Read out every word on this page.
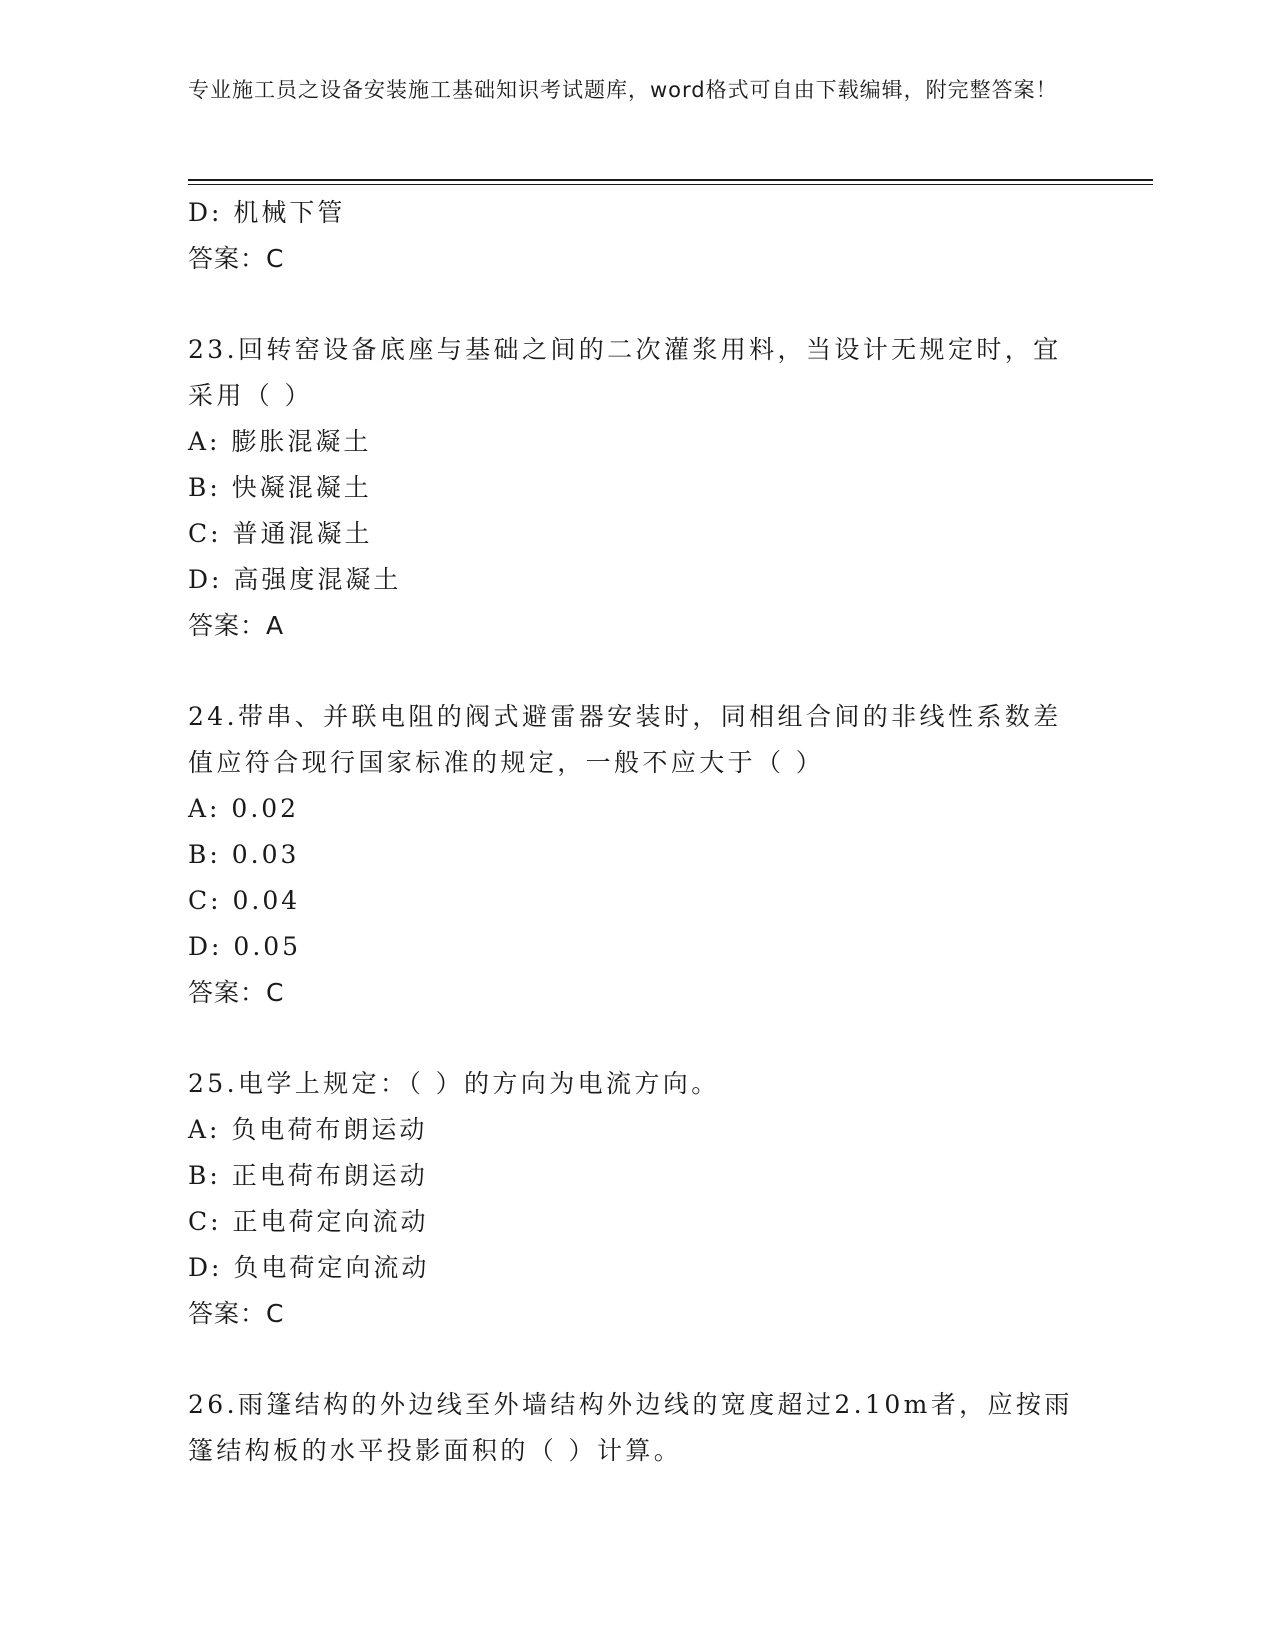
专业施工员之设备安装施工基础知识考试题库，word格式可自由下载编辑，附完整答案！
D: 机械下管
答案：C
23.回转窑设备底座与基础之间的二次灌浆用料，当设计无规定时，宜采用（ ）
A: 膨胀混凝土
B: 快凝混凝土
C: 普通混凝土
D: 高强度混凝土
答案：A
24.带串、并联电阻的阀式避雷器安装时，同相组合间的非线性系数差值应符合现行国家标准的规定，一般不应大于（ ）
A: 0.02
B: 0.03
C: 0.04
D: 0.05
答案：C
25.电学上规定：（ ）的方向为电流方向。
A: 负电荷布朗运动
B: 正电荷布朗运动
C: 正电荷定向流动
D: 负电荷定向流动
答案：C
26.雨篷结构的外边线至外墙结构外边线的宽度超过2.10m者，应按雨篷结构板的水平投影面积的（ ）计算。
